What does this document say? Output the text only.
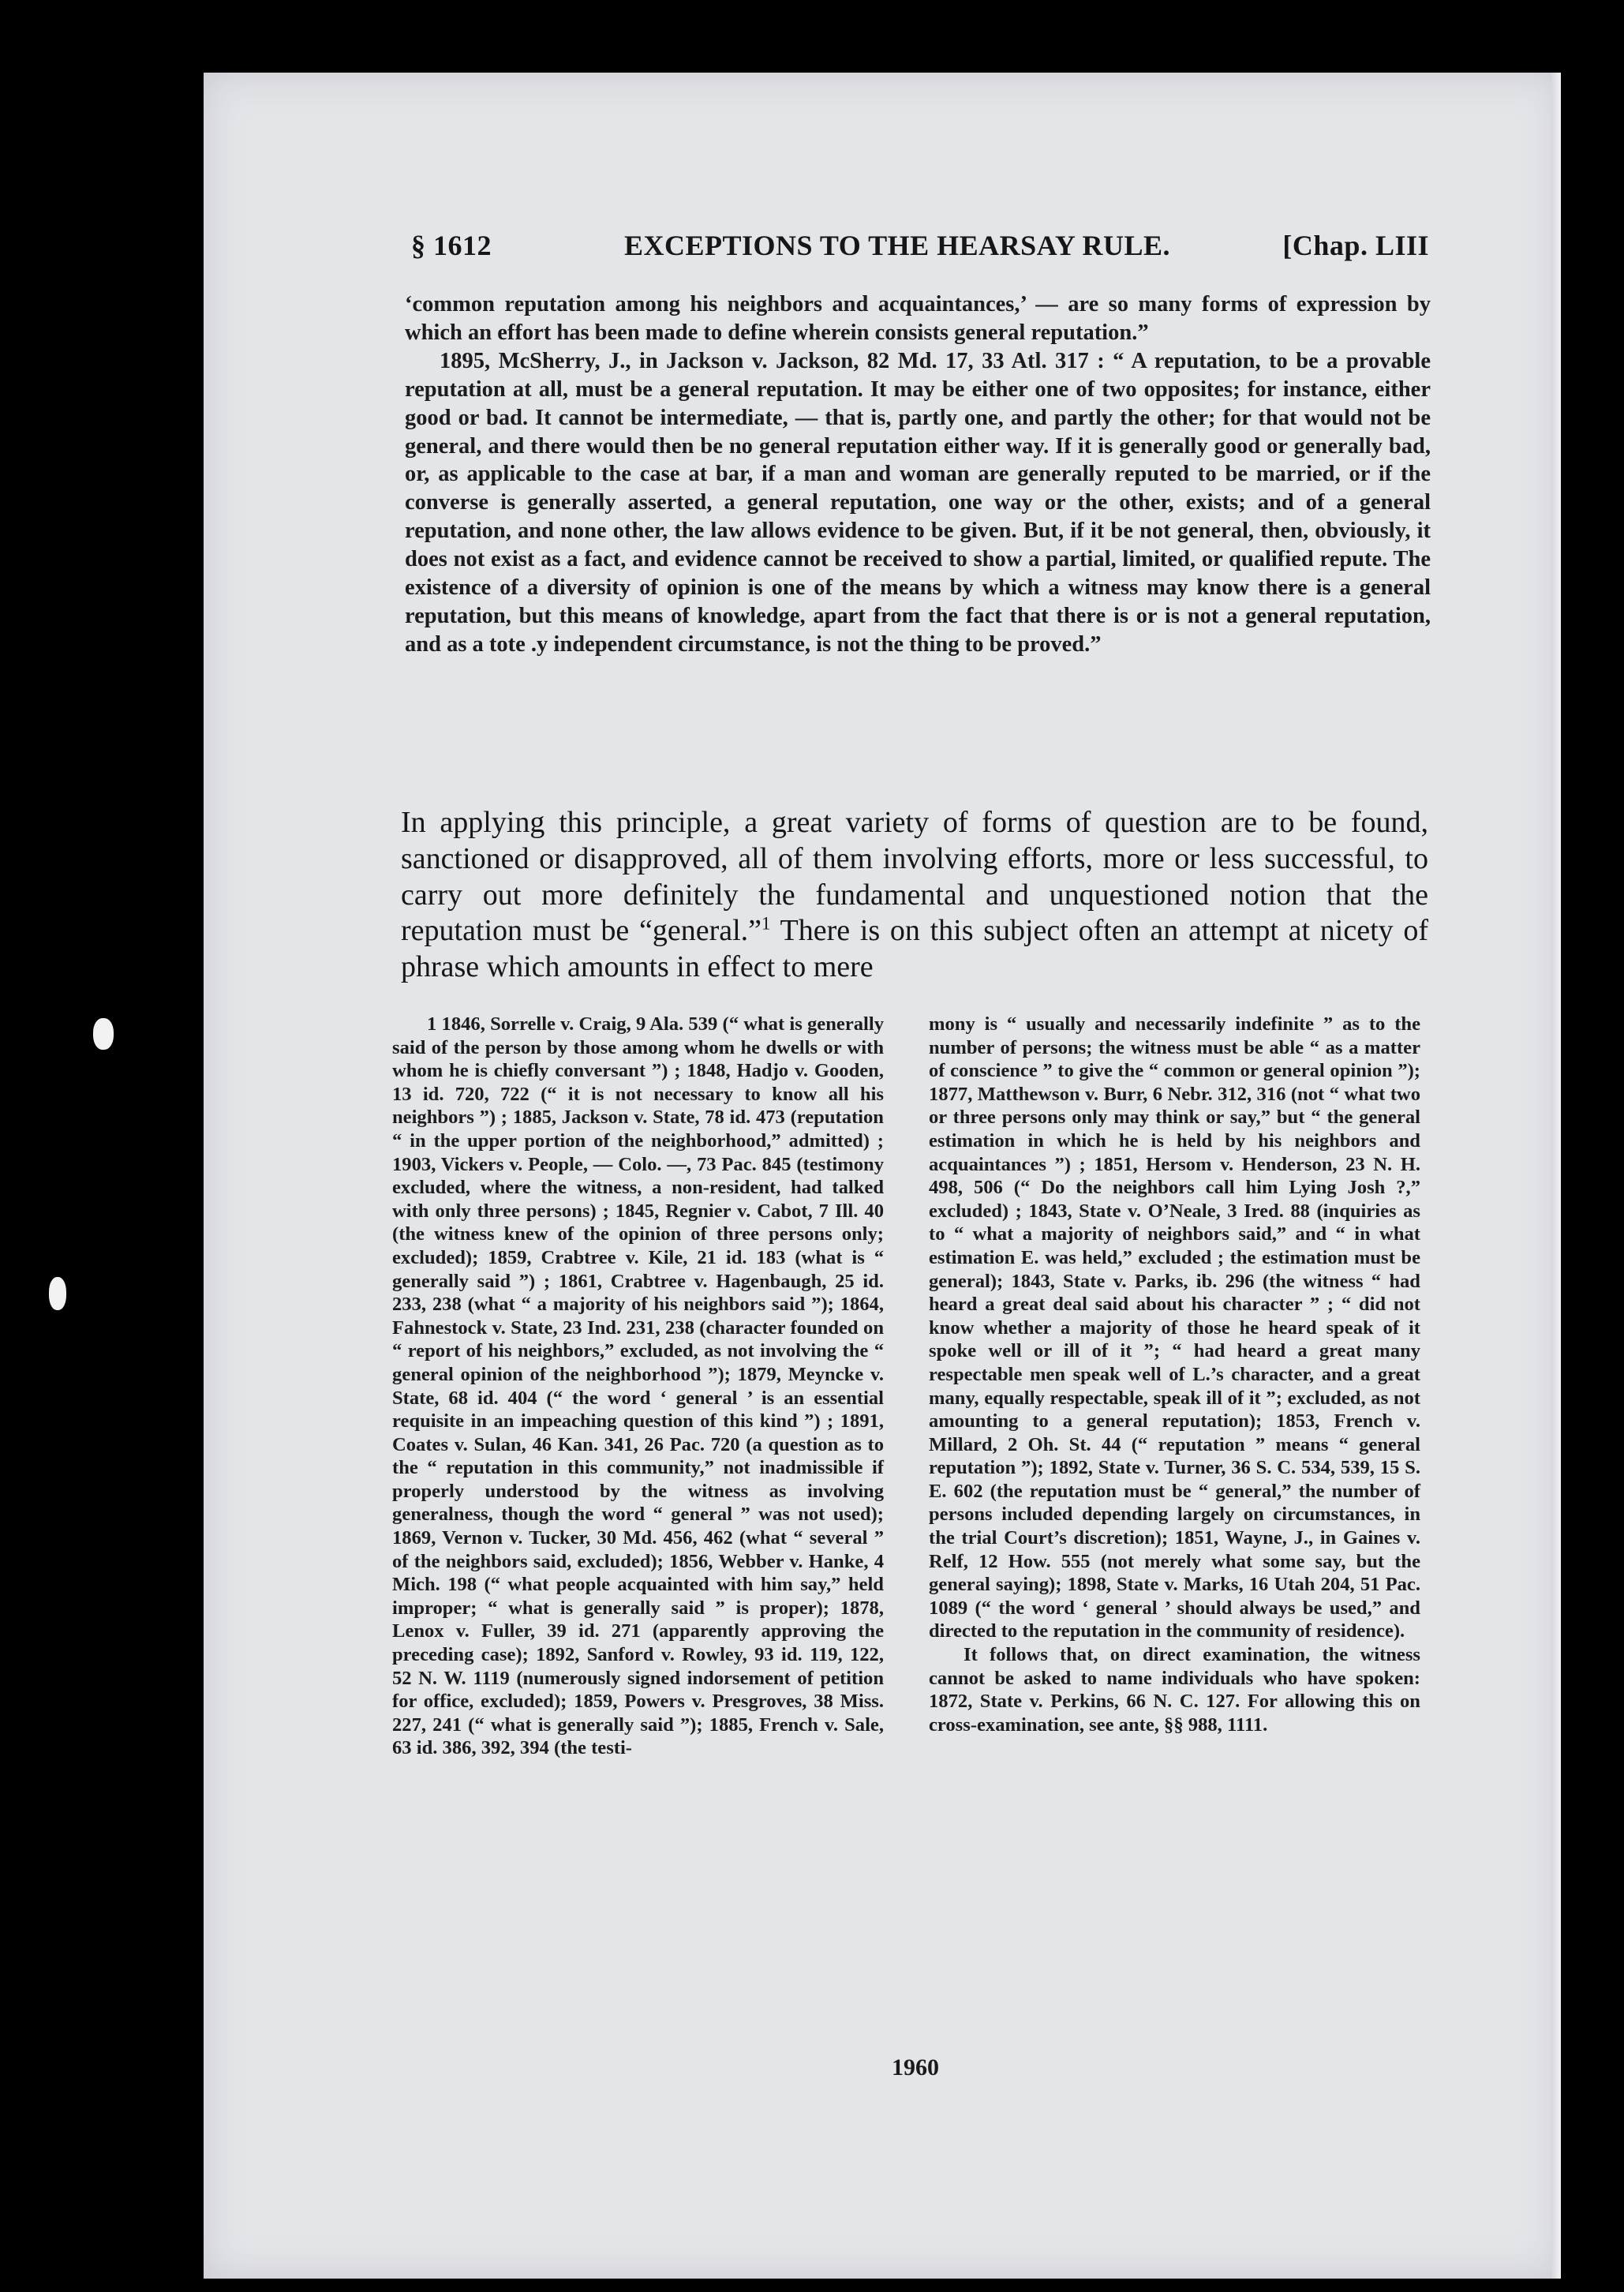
§ 1612	EXCEPTIONS TO THE HEARSAY RULE.	[Chap. LIII

‘common reputation among his neighbors and acquaintances,’ — are so many forms of expression by which an effort has been made to define wherein consists general reputation.”

1895, McSherry, J., in Jackson v. Jackson, 82 Md. 17, 33 Atl. 317 : “ A reputation, to be a provable reputation at all, must be a general reputation. It may be either one of two opposites; for instance, either good or bad. It cannot be intermediate, — that is, partly one, and partly the other; for that would not be general, and there would then be no general reputation either way. If it is generally good or generally bad, or, as applicable to the case at bar, if a man and woman are generally reputed to be married, or if the converse is generally asserted, a general reputation, one way or the other, exists; and of a general reputation, and none other, the law allows evidence to be given. But, if it be not general, then, obviously, it does not exist as a fact, and evidence cannot be received to show a partial, limited, or qualified repute. The existence of a diversity of opinion is one of the means by which a witness may know there is a general reputation, but this means of knowledge, apart from the fact that there is or is not a general reputation, and as a tote .y independent circumstance, is not the thing to be proved.”

In applying this principle, a great variety of forms of question are to be found, sanctioned or disapproved, all of them involving efforts, more or less successful, to carry out more definitely the fundamental and unquestioned notion that the reputation must be “general.”$^1$ There is on this subject often an attempt at nicety of phrase which amounts in effect to mere

1 1846, Sorrelle v. Craig, 9 Ala. 539 (“ what is generally said of the person by those among whom he dwells or with whom he is chiefly conversant ”) ; 1848, Hadjo v. Gooden, 13 id. 720, 722 (“ it is not necessary to know all his neighbors ”) ; 1885, Jackson v. State, 78 id. 473 (reputation “ in the upper portion of the neighborhood,” admitted) ; 1903, Vickers v. People, — Colo. —, 73 Pac. 845 (testimony excluded, where the witness, a non-resident, had talked with only three persons) ; 1845, Regnier v. Cabot, 7 Ill. 40 (the witness knew of the opinion of three persons only; excluded); 1859, Crabtree v. Kile, 21 id. 183 (what is “ generally said ”) ; 1861, Crabtree v. Hagenbaugh, 25 id. 233, 238 (what “ a majority of his neighbors said ”); 1864, Fahnestock v. State, 23 Ind. 231, 238 (character founded on “ report of his neighbors,” excluded, as not involving the “ general opinion of the neighborhood ”); 1879, Meyncke v. State, 68 id. 404 (“ the word ‘ general ’ is an essential requisite in an impeaching question of this kind ”) ; 1891, Coates v. Sulan, 46 Kan. 341, 26 Pac. 720 (a question as to the “ reputation in this community,” not inadmissible if properly understood by the witness as involving generalness, though the word “ general ” was not used); 1869, Vernon v. Tucker, 30 Md. 456, 462 (what “ several ” of the neighbors said, excluded); 1856, Webber v. Hanke, 4 Mich. 198 (“ what people acquainted with him say,” held improper; “ what is generally said ” is proper); 1878, Lenox v. Fuller, 39 id. 271 (apparently approving the preceding case); 1892, Sanford v. Rowley, 93 id. 119, 122, 52 N. W. 1119 (numerously signed indorsement of petition for office, excluded); 1859, Powers v. Presgroves, 38 Miss. 227, 241 (“ what is generally said ”); 1885, French v. Sale, 63 id. 386, 392, 394 (the testi-

mony is “ usually and necessarily indefinite ” as to the number of persons; the witness must be able “ as a matter of conscience ” to give the “ common or general opinion ”); 1877, Matthewson v. Burr, 6 Nebr. 312, 316 (not “ what two or three persons only may think or say,” but “ the general estimation in which he is held by his neighbors and acquaintances ”) ; 1851, Hersom v. Henderson, 23 N. H. 498, 506 (“ Do the neighbors call him Lying Josh ?,” excluded) ; 1843, State v. O’Neale, 3 Ired. 88 (inquiries as to “ what a majority of neighbors said,” and “ in what estimation E. was held,” excluded ; the estimation must be general); 1843, State v. Parks, ib. 296 (the witness “ had heard a great deal said about his character ” ; “ did not know whether a majority of those he heard speak of it spoke well or ill of it ”; “ had heard a great many respectable men speak well of L.’s character, and a great many, equally respectable, speak ill of it ”; excluded, as not amounting to a general reputation); 1853, French v. Millard, 2 Oh. St. 44 (“ reputation ” means “ general reputation ”); 1892, State v. Turner, 36 S. C. 534, 539, 15 S. E. 602 (the reputation must be “ general,” the number of persons included depending largely on circumstances, in the trial Court’s discretion); 1851, Wayne, J., in Gaines v. Relf, 12 How. 555 (not merely what some say, but the general saying); 1898, State v. Marks, 16 Utah 204, 51 Pac. 1089 (“ the word ‘ general ’ should always be used,” and directed to the reputation in the community of residence).

It follows that, on direct examination, the witness cannot be asked to name individuals who have spoken: 1872, State v. Perkins, 66 N. C. 127. For allowing this on cross-examination, see ante, §§ 988, 1111.

1960
